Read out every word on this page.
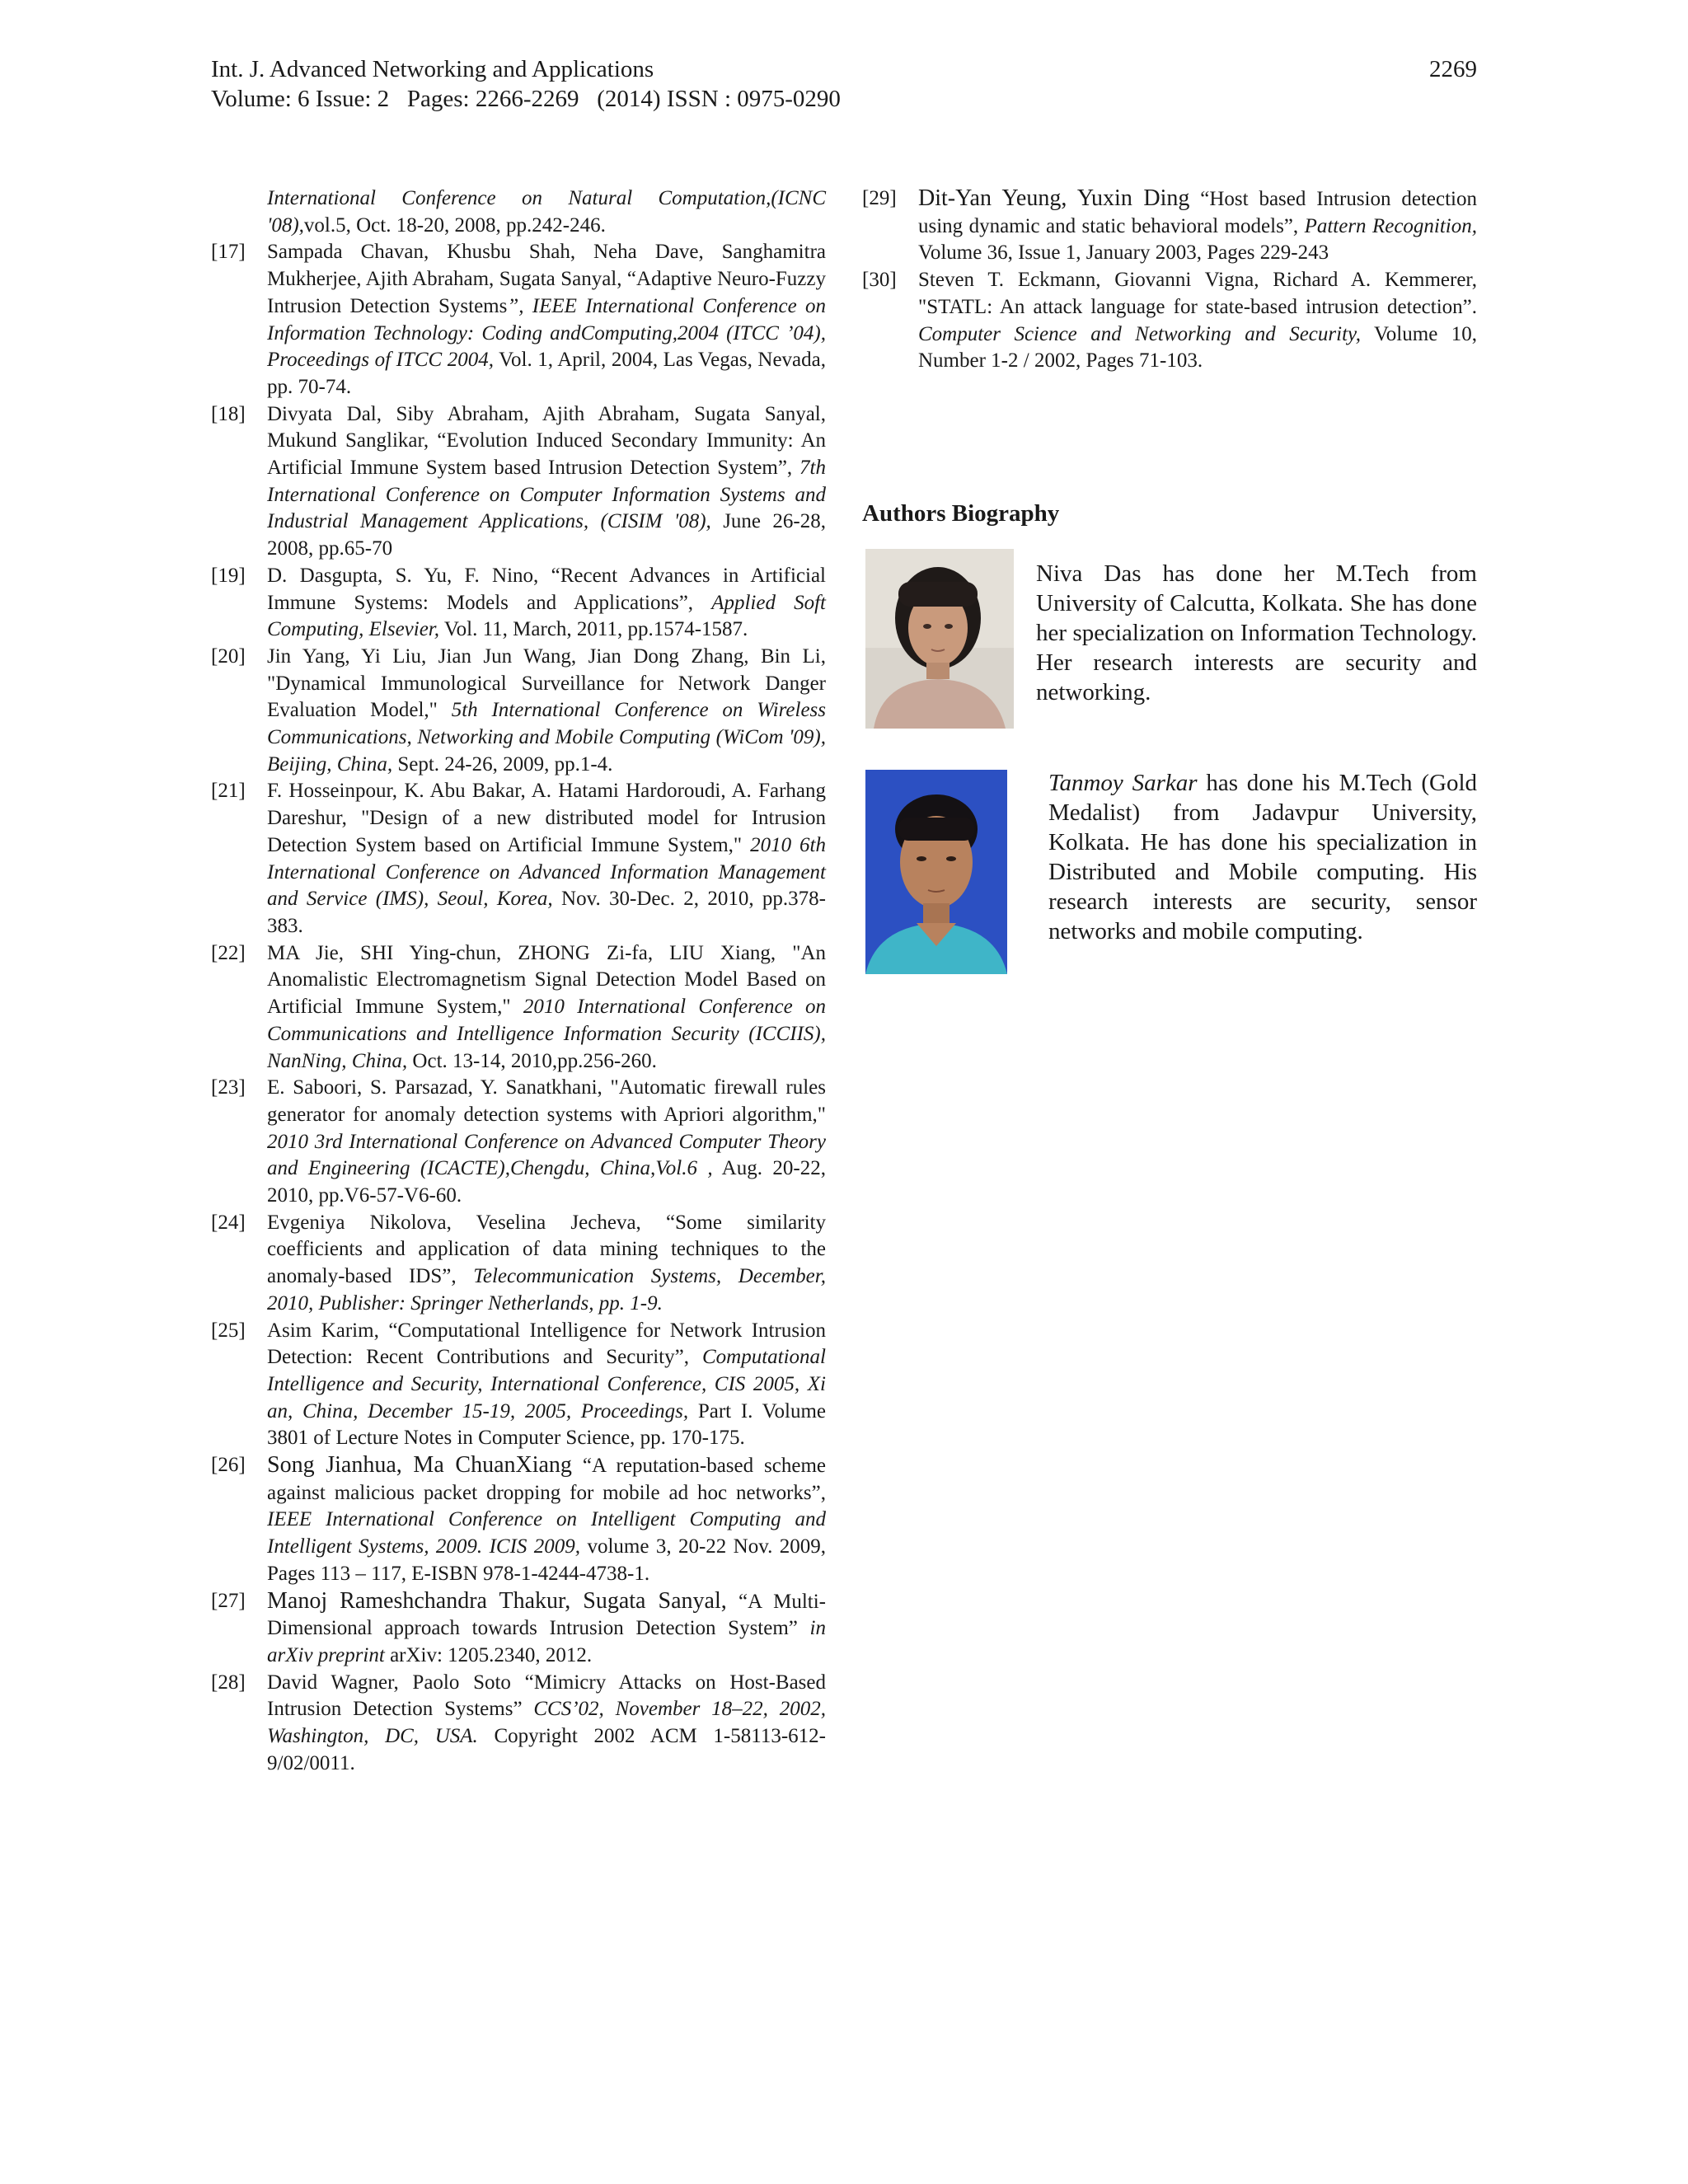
Int. J. Advanced Networking and Applications
Volume: 6 Issue: 2   Pages: 2266-2269   (2014) ISSN : 0975-0290
2269

International Conference on Natural Computation,(ICNC '08),vol.5, Oct. 18-20, 2008, pp.242-246.

[17] Sampada Chavan, Khusbu Shah, Neha Dave, Sanghamitra Mukherjee, Ajith Abraham, Sugata Sanyal, “Adaptive Neuro-Fuzzy Intrusion Detection Systems”, IEEE International Conference on Information Technology: Coding andComputing,2004 (ITCC ’04), Proceedings of ITCC 2004, Vol. 1, April, 2004, Las Vegas, Nevada, pp. 70-74.

[18] Divyata Dal, Siby Abraham, Ajith Abraham, Sugata Sanyal, Mukund Sanglikar, “Evolution Induced Secondary Immunity: An Artificial Immune System based Intrusion Detection System”, 7th International Conference on Computer Information Systems and Industrial Management Applications, (CISIM '08), June 26-28, 2008, pp.65-70

[19] D. Dasgupta, S. Yu, F. Nino, “Recent Advances in Artificial Immune Systems: Models and Applications”, Applied Soft Computing, Elsevier, Vol. 11, March, 2011, pp.1574-1587.

[20] Jin Yang, Yi Liu, Jian Jun Wang, Jian Dong Zhang, Bin Li, "Dynamical Immunological Surveillance for Network Danger Evaluation Model," 5th International Conference on Wireless Communications, Networking and Mobile Computing (WiCom '09), Beijing, China, Sept. 24-26, 2009, pp.1-4.

[21] F. Hosseinpour, K. Abu Bakar, A. Hatami Hardoroudi, A. Farhang Dareshur, "Design of a new distributed model for Intrusion Detection System based on Artificial Immune System," 2010 6th International Conference on Advanced Information Management and Service (IMS), Seoul, Korea, Nov. 30-Dec. 2, 2010, pp.378-383.

[22] MA Jie, SHI Ying-chun, ZHONG Zi-fa, LIU Xiang, "An Anomalistic Electromagnetism Signal Detection Model Based on Artificial Immune System," 2010 International Conference on Communications and Intelligence Information Security (ICCIIS), NanNing, China, Oct. 13-14, 2010,pp.256-260.

[23] E. Saboori, S. Parsazad, Y. Sanatkhani, "Automatic firewall rules generator for anomaly detection systems with Apriori algorithm," 2010 3rd International Conference on Advanced Computer Theory and Engineering (ICACTE),Chengdu, China,Vol.6 , Aug. 20-22, 2010, pp.V6-57-V6-60.

[24] Evgeniya Nikolova, Veselina Jecheva, “Some similarity coefficients and application of data mining techniques to the anomaly-based IDS”, Telecommunication Systems, December, 2010, Publisher: Springer Netherlands, pp. 1-9.

[25] Asim Karim, “Computational Intelligence for Network Intrusion Detection: Recent Contributions and Security”, Computational Intelligence and Security, International Conference, CIS 2005, Xi an, China, December 15-19, 2005, Proceedings, Part I. Volume 3801 of Lecture Notes in Computer Science, pp. 170-175.

[26] Song Jianhua, Ma ChuanXiang “A reputation-based scheme against malicious packet dropping for mobile ad hoc networks”, IEEE International Conference on Intelligent Computing and Intelligent Systems, 2009. ICIS 2009, volume 3, 20-22 Nov. 2009, Pages 113 – 117, E-ISBN 978-1-4244-4738-1.

[27] Manoj Rameshchandra Thakur, Sugata Sanyal, “A Multi-Dimensional approach towards Intrusion Detection System” in arXiv preprint arXiv: 1205.2340, 2012.

[28] David Wagner, Paolo Soto “Mimicry Attacks on Host-Based Intrusion Detection Systems” CCS’02, November 18–22, 2002, Washington, DC, USA. Copyright 2002 ACM 1-58113-612-9/02/0011.

[29] Dit-Yan Yeung, Yuxin Ding “Host based Intrusion detection using dynamic and static behavioral models”, Pattern Recognition, Volume 36, Issue 1, January 2003, Pages 229-243

[30] Steven T. Eckmann, Giovanni Vigna, Richard A. Kemmerer, "STATL: An attack language for state-based intrusion detection”. Computer Science and Networking and Security, Volume 10, Number 1-2 / 2002, Pages 71-103.

Authors Biography
Niva Das has done her M.Tech from University of Calcutta, Kolkata. She has done her specialization on Information Technology. Her research interests are security and networking.
Tanmoy Sarkar has done his M.Tech (Gold Medalist) from Jadavpur University, Kolkata. He has done his specialization in Distributed and Mobile computing. His research interests are security, sensor networks and mobile computing.
